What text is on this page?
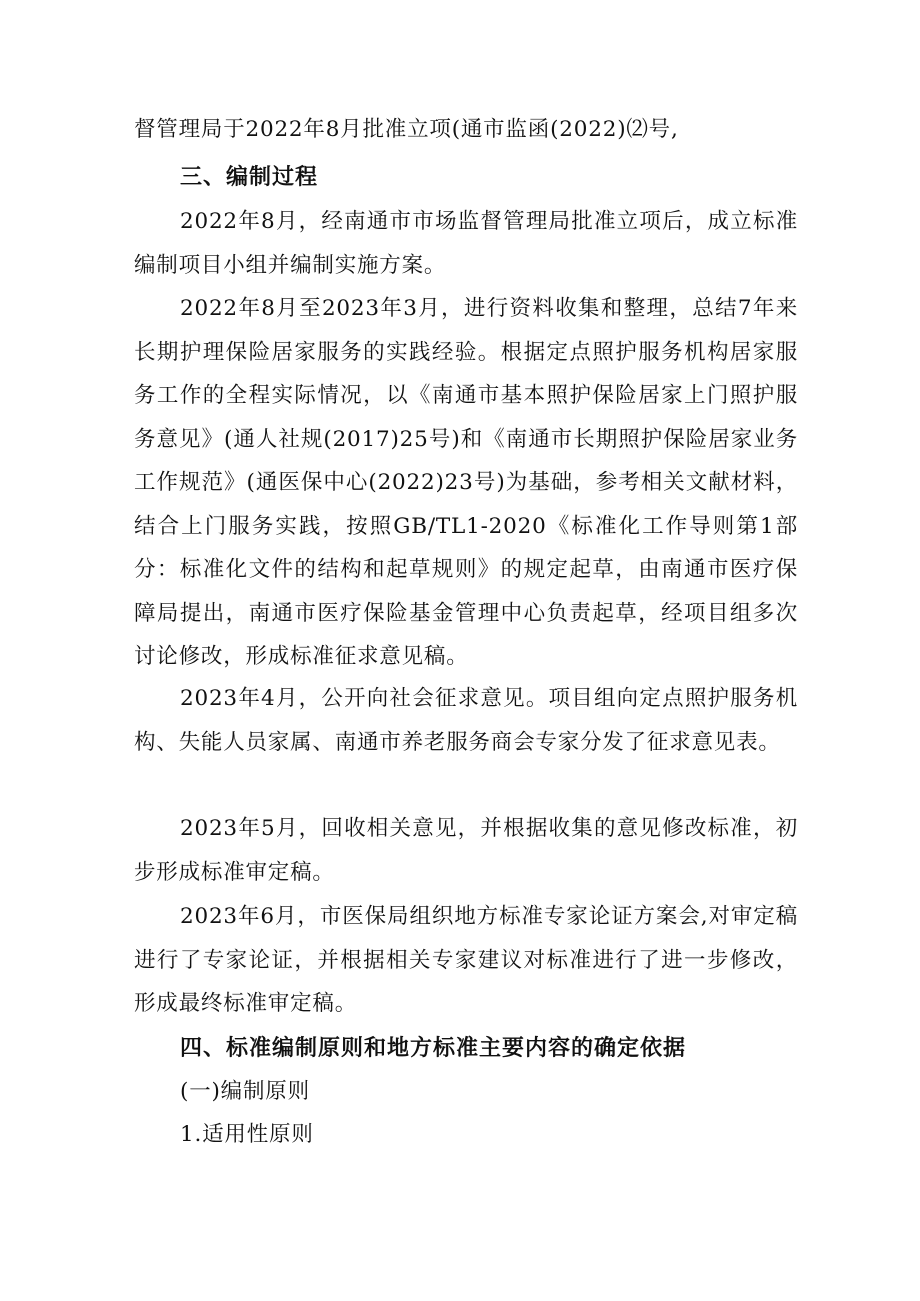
督管理局于2022年8月批准立项(通市监函(2022)⑵号,

三、编制过程

2022年8月，经南通市市场监督管理局批准立项后，成立标准编制项目小组并编制实施方案。

2022年8月至2023年3月，进行资料收集和整理，总结7年来长期护理保险居家服务的实践经验。根据定点照护服务机构居家服务工作的全程实际情况，以《南通市基本照护保险居家上门照护服务意见》(通人社规(2017)25号)和《南通市长期照护保险居家业务工作规范》(通医保中心(2022)23号)为基础，参考相关文献材料，结合上门服务实践，按照GB/TL1-2020《标准化工作导则第1部分：标准化文件的结构和起草规则》的规定起草，由南通市医疗保障局提出，南通市医疗保险基金管理中心负责起草，经项目组多次讨论修改，形成标准征求意见稿。

2023年4月，公开向社会征求意见。项目组向定点照护服务机构、失能人员家属、南通市养老服务商会专家分发了征求意见表。

2023年5月，回收相关意见，并根据收集的意见修改标准，初步形成标准审定稿。

2023年6月，市医保局组织地方标准专家论证方案会,对审定稿进行了专家论证，并根据相关专家建议对标准进行了进一步修改，形成最终标准审定稿。

四、标准编制原则和地方标准主要内容的确定依据

(一)编制原则

1.适用性原则
